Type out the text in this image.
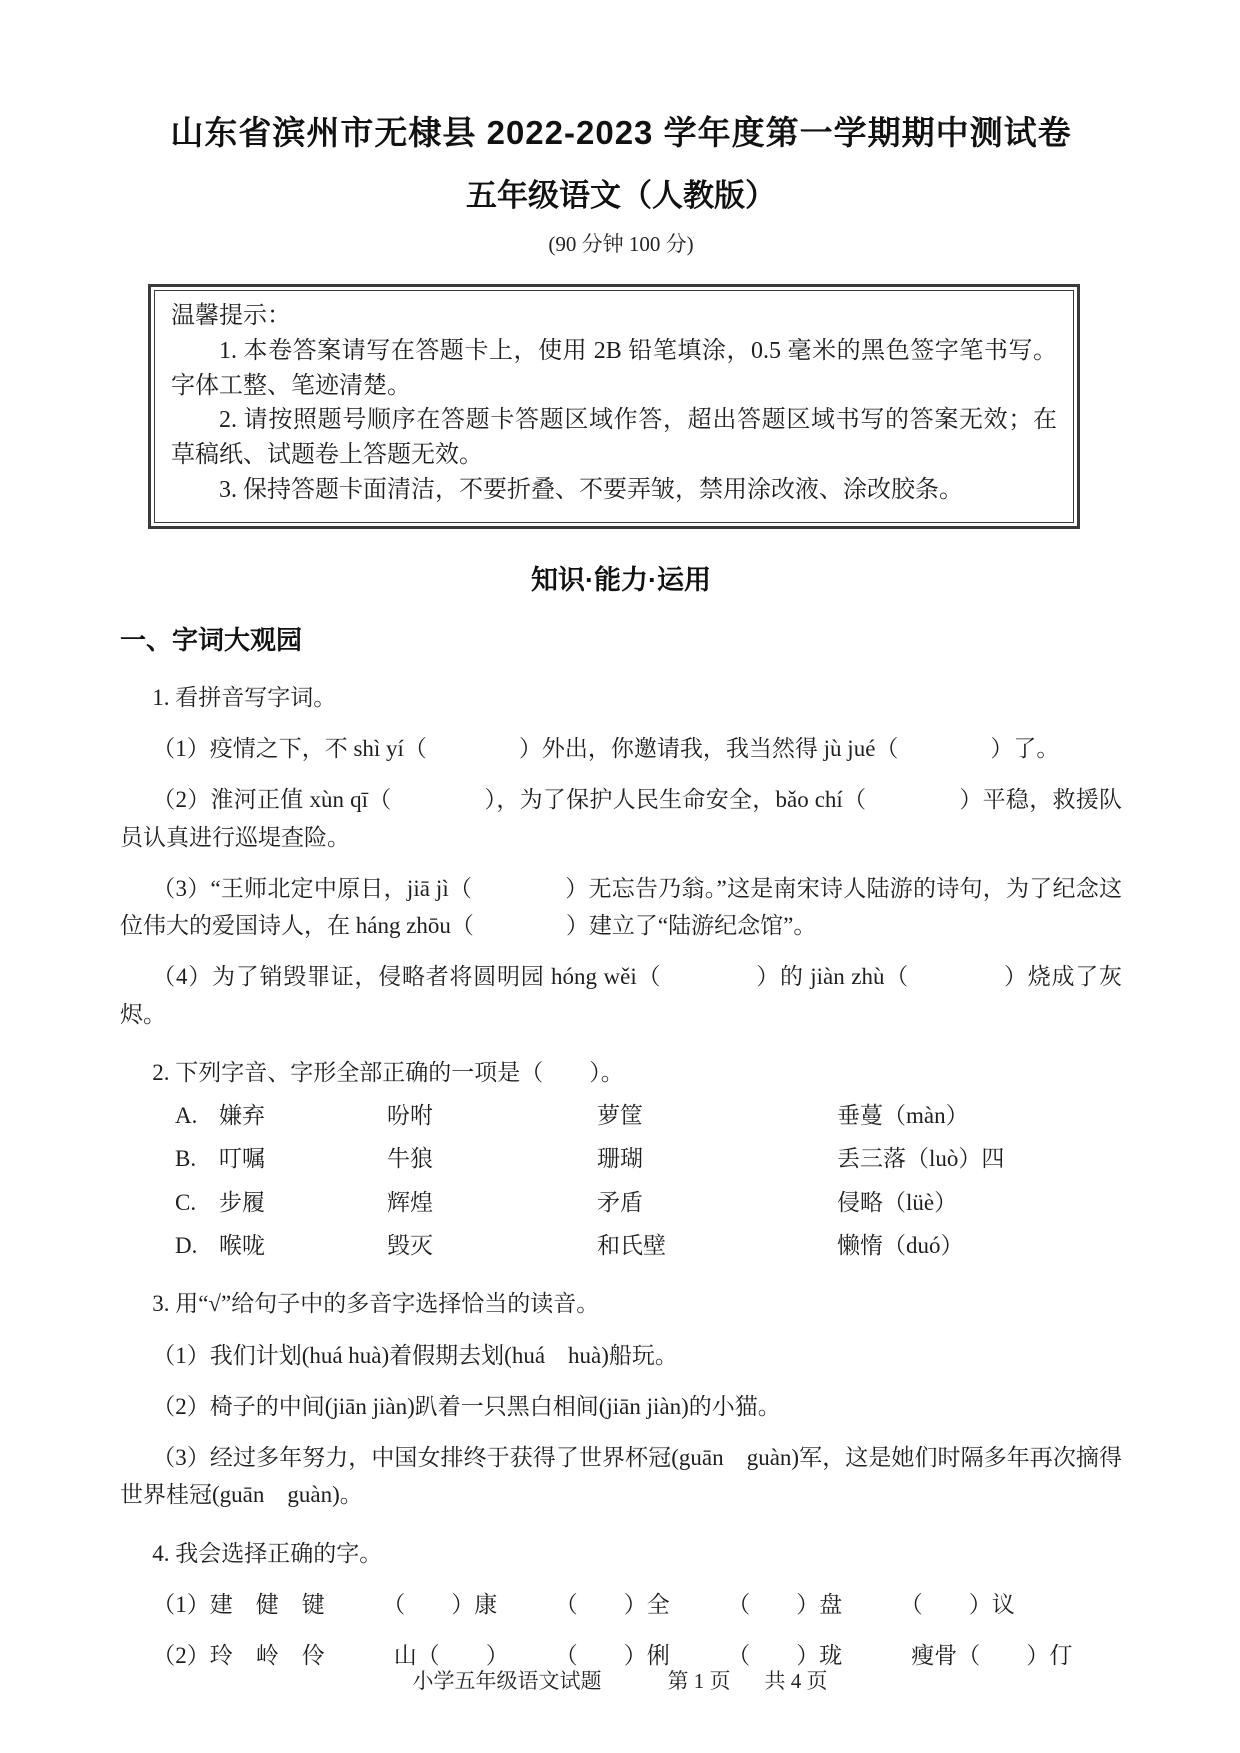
山东省滨州市无棣县 2022-2023 学年度第一学期期中测试卷
五年级语文（人教版）
(90 分钟 100 分)

温馨提示：

1. 本卷答案请写在答题卡上，使用 2B 铅笔填涂，0.5 毫米的黑色签字笔书写。字体工整、笔迹清楚。

2. 请按照题号顺序在答题卡答题区域作答，超出答题区域书写的答案无效；在草稿纸、试题卷上答题无效。

3. 保持答题卡面清洁，不要折叠、不要弄皱，禁用涂改液、涂改胶条。

知识·能力·运用
一、字词大观园

1. 看拼音写字词。

（1）疫情之下，不 shì yí（　　　　）外出，你邀请我，我当然得 jù jué（　　　　）了。

（2）淮河正值 xùn qī（　　　　），为了保护人民生命安全，bǎo chí（　　　　）平稳，救援队员认真进行巡堤查险。

（3）“王师北定中原日，jiā jì（　　　　）无忘告乃翁。”这是南宋诗人陆游的诗句，为了纪念这位伟大的爱国诗人，在 háng zhōu（　　　　）建立了“陆游纪念馆”。

（4）为了销毁罪证，侵略者将圆明园 hóng wěi（　　　　）的 jiàn zhù（　　　　）烧成了灰烬。

2. 下列字音、字形全部正确的一项是（　　）。

A. 嫌弃	吩咐	萝筐	垂蔓（màn）
B. 叮嘱	牛狼	珊瑚	丢三落（luò）四
C. 步履	辉煌	矛盾	侵略（lüè）
D. 喉咙	毁灭	和氏壁	懒惰（duó）

3. 用“√”给句子中的多音字选择恰当的读音。

（1）我们计划(huá huà)着假期去划(huá　huà)船玩。

（2）椅子的中间(jiān jiàn)趴着一只黑白相间(jiān jiàn)的小猫。

（3）经过多年努力，中国女排终于获得了世界杯冠(guān　guàn)军，这是她们时隔多年再次摘得世界桂冠(guān　guàn)。

4. 我会选择正确的字。

（1）建　健　键　　　（　　）康　　　（　　）全　　　（　　）盘　　　（　　）议

（2）玲　岭　伶　　　山（　　）　　　（　　）俐　　　（　　）珑　　　瘦骨（　　）仃

小学五年级语文试题	第 1 页 共 4 页
